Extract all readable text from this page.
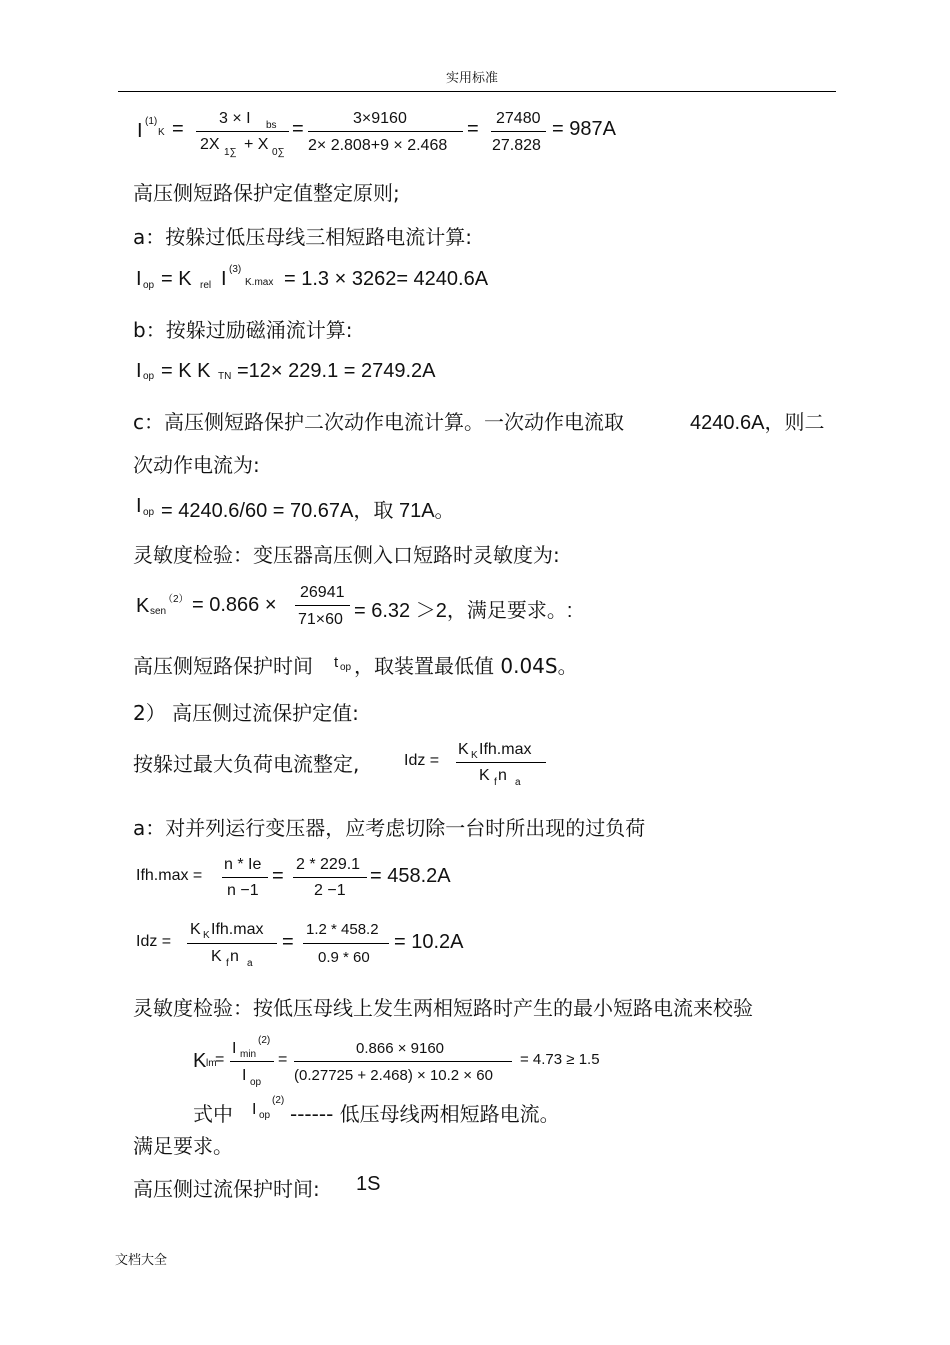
实用标准
I (1)
K = 3 × I bs
2X 1∑ + X 0∑
=	3×9160
2× 2.808+9 × 2.468
= 27480
27.828
= 987A
高压侧短路保护定值整定原则;
a：按躲过低压母线三相短路电流计算:
I op = K rel I (3)
K.max = 1.3 × 3262= 4240.6A
b：按躲过励磁涌流计算:
I op = K K TN =12× 229.1 = 2749.2A
c：高压侧短路保护二次动作电流计算。一次动作电流取	4240.6A，则二
次动作电流为:
I op = 4240.6/60 = 70.67A，取 71A。
灵敏度检验：变压器高压侧入口短路时灵敏度为:
K sen
（2） = 0.866 ×
26941
71×60 = 6.32 ＞2，满足要求。:
高压侧短路保护时间 t op ，取装置最低值 0.04S。
2） 高压侧过流保护定值:
按躲过最大负荷电流整定,	Idz =
K K Ifh.max
K f n a
a：对并列运行变压器，应考虑切除一台时所出现的过负荷
Ifh.max =
n * Ie
n −1
=
2 * 229.1
2 −1
= 458.2A
Idz =
K K Ifh.max
K f n a
=
1.2 * 458.2
0.9 * 60
= 10.2A
灵敏度检验：按低压母线上发生两相短路时产生的最小短路电流来校验
K lm
=
I min
(2)
I op
=
0.866 × 9160
(0.27725 + 2.468) × 10.2 × 60
= 4.73 ≥ 1.5
式中 I op
(2)
------ 低压母线两相短路电流。
满足要求。
高压侧过流保护时间: 1S
文档大全
